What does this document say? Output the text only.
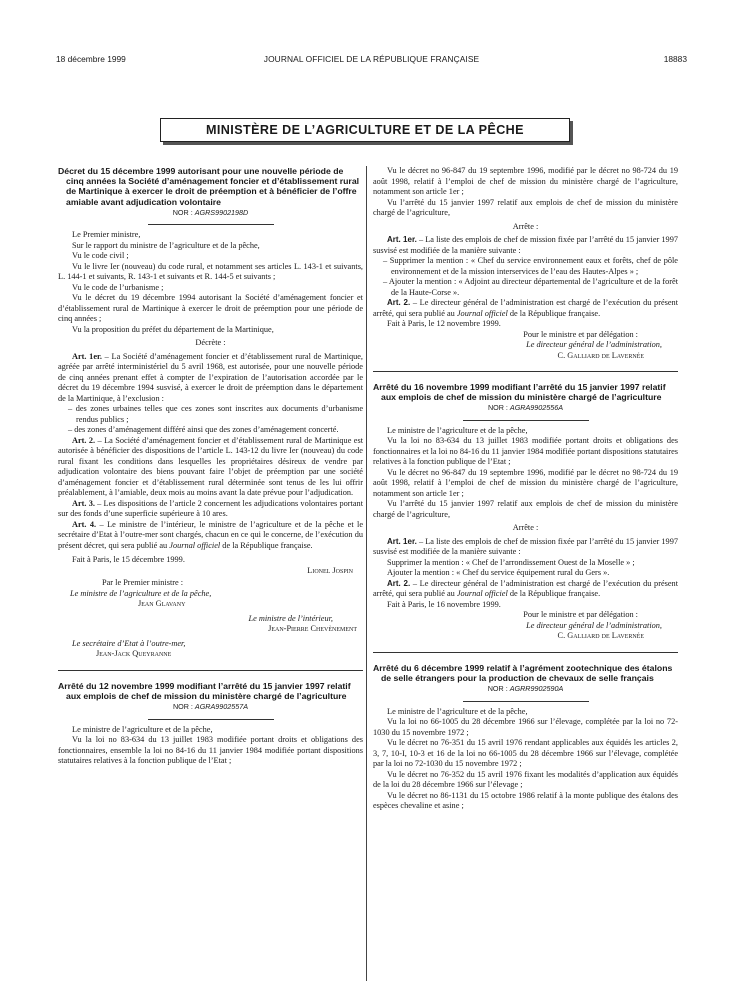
18 décembre 1999	JOURNAL OFFICIEL DE LA RÉPUBLIQUE FRANÇAISE	18883
MINISTÈRE DE L’AGRICULTURE ET DE LA PÊCHE
Décret du 15 décembre 1999 autorisant pour une nouvelle période de cinq années la Société d’aménagement foncier et d’établissement rural de Martinique à exercer le droit de préemption et à bénéficier de l’offre amiable avant adjudication volontaire
NOR : AGRS9902198D

Le Premier ministre,

Sur le rapport du ministre de l’agriculture et de la pêche,

Vu le code civil ;

Vu le livre Ier (nouveau) du code rural, et notamment ses articles L. 143-1 et suivants, L. 144-1 et suivants, R. 143-1 et suivants et R. 144-5 et suivants ;

Vu le code de l’urbanisme ;

Vu le décret du 19 décembre 1994 autorisant la Société d’aménagement foncier et d’établissement rural de Martinique à exercer le droit de préemption pour une période de cinq années ;

Vu la proposition du préfet du département de la Martinique,

Décrète :

Art. 1er. – La Société d’aménagement foncier et d’établissement rural de Martinique, agréée par arrêté interministériel du 5 avril 1968, est autorisée, pour une nouvelle période de cinq années prenant effet à compter de l’expiration de l’autorisation accordée par le décret du 19 décembre 1994 susvisé, à exercer le droit de préemption dans le département de la Martinique, à l’exclusion :

– des zones urbaines telles que ces zones sont inscrites aux documents d’urbanisme rendus publics ;

– des zones d’aménagement différé ainsi que des zones d’aménagement concerté.

Art. 2. – La Société d’aménagement foncier et d’établissement rural de Martinique est autorisée à bénéficier des dispositions de l’article L. 143-12 du livre Ier (nouveau) du code rural fixant les conditions dans lesquelles les propriétaires désireux de vendre par adjudication volontaire des biens pouvant faire l’objet de préemption par une société d’aménagement foncier et d’établissement rural déterminée sont tenus de les lui offrir préalablement, à l’amiable, deux mois au moins avant la date prévue pour l’adjudication.

Art. 3. – Les dispositions de l’article 2 concernent les adjudications volontaires portant sur des fonds d’une superficie supérieure à 10 ares.

Art. 4. – Le ministre de l’intérieur, le ministre de l’agriculture et de la pêche et le secrétaire d’Etat à l’outre-mer sont chargés, chacun en ce qui le concerne, de l’exécution du présent décret, qui sera publié au Journal officiel de la République française.

Fait à Paris, le 15 décembre 1999.

Lionel Jospin

Par le Premier ministre :

Le ministre de l’agriculture et de la pêche,

Jean Glavany

Le ministre de l’intérieur,

Jean-Pierre Chevènement

Le secrétaire d’Etat à l’outre-mer,

Jean-Jack Queyranne

Arrêté du 12 novembre 1999 modifiant l’arrêté du 15 janvier 1997 relatif aux emplois de chef de mission du ministère chargé de l’agriculture
NOR : AGRA9902557A

Le ministre de l’agriculture et de la pêche,

Vu la loi no 83-634 du 13 juillet 1983 modifiée portant droits et obligations des fonctionnaires, ensemble la loi no 84-16 du 11 janvier 1984 modifiée portant dispositions statutaires relatives à la fonction publique de l’Etat ;

Vu le décret no 96-847 du 19 septembre 1996, modifié par le décret no 98-724 du 19 août 1998, relatif à l’emploi de chef de mission du ministère chargé de l’agriculture, notamment son article 1er ;

Vu l’arrêté du 15 janvier 1997 relatif aux emplois de chef de mission du ministère chargé de l’agriculture,

Arrête :

Art. 1er. – La liste des emplois de chef de mission fixée par l’arrêté du 15 janvier 1997 susvisé est modifiée de la manière suivante :

– Supprimer la mention : « Chef du service environnement eaux et forêts, chef de pôle environnement et de la mission interservices de l’eau des Hautes-Alpes » ;

– Ajouter la mention : « Adjoint au directeur départemental de l’agriculture et de la forêt de la Haute-Corse ».

Art. 2. – Le directeur général de l’administration est chargé de l’exécution du présent arrêté, qui sera publié au Journal officiel de la République française.

Fait à Paris, le 12 novembre 1999.

Pour le ministre et par délégation :

Le directeur général de l’administration,

C. Galliard de Lavernée

Arrêté du 16 novembre 1999 modifiant l’arrêté du 15 janvier 1997 relatif aux emplois de chef de mission du ministère chargé de l’agriculture
NOR : AGRA9902556A

Le ministre de l’agriculture et de la pêche,

Vu la loi no 83-634 du 13 juillet 1983 modifiée portant droits et obligations des fonctionnaires et la loi no 84-16 du 11 janvier 1984 modifiée portant dispositions statutaires relatives à la fonction publique de l’Etat ;

Vu le décret no 96-847 du 19 septembre 1996, modifié par le décret no 98-724 du 19 août 1998, relatif à l’emploi de chef de mission du ministère chargé de l’agriculture, notamment son article 1er ;

Vu l’arrêté du 15 janvier 1997 relatif aux emplois de chef de mission du ministère chargé de l’agriculture,

Arrête :

Art. 1er. – La liste des emplois de chef de mission fixée par l’arrêté du 15 janvier 1997 susvisé est modifiée de la manière suivante :

Supprimer la mention : « Chef de l’arrondissement Ouest de la Moselle » ;

Ajouter la mention : « Chef du service équipement rural du Gers ».

Art. 2. – Le directeur général de l’administration est chargé de l’exécution du présent arrêté, qui sera publié au Journal officiel de la République française.

Fait à Paris, le 16 novembre 1999.

Pour le ministre et par délégation :

Le directeur général de l’administration,

C. Galliard de Lavernée

Arrêté du 6 décembre 1999 relatif à l’agrément zootechnique des étalons de selle étrangers pour la production de chevaux de selle français
NOR : AGRR9902590A

Le ministre de l’agriculture et de la pêche,

Vu la loi no 66-1005 du 28 décembre 1966 sur l’élevage, complétée par la loi no 72-1030 du 15 novembre 1972 ;

Vu le décret no 76-351 du 15 avril 1976 rendant applicables aux équidés les articles 2, 3, 7, 10-I, 10-3 et 16 de la loi no 66-1005 du 28 décembre 1966 sur l’élevage, complétée par la loi no 72-1030 du 15 novembre 1972 ;

Vu le décret no 76-352 du 15 avril 1976 fixant les modalités d’application aux équidés de la loi du 28 décembre 1966 sur l’élevage ;

Vu le décret no 86-1131 du 15 octobre 1986 relatif à la monte publique des étalons des espèces chevaline et asine ;
